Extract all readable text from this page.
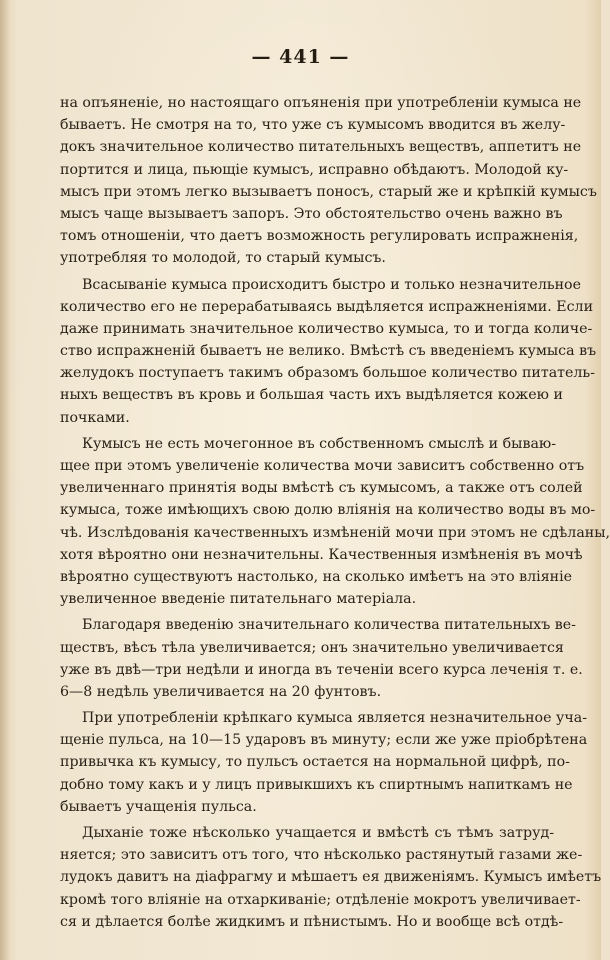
— 441 —
на опъяненіе, но настоящаго опъяненія при употребленіи кумыса не
бываетъ. Не смотря на то, что уже съ кумысомъ вводится въ желу-
докъ значительное количество питательныхъ веществъ, аппетитъ не
портится и лица, пьющіе кумысъ, исправно обѣдаютъ. Молодой ку-
мысъ при этомъ легко вызываетъ поносъ, старый же и крѣпкій кумысъ
мысъ чаще вызываетъ запоръ. Это обстоятельство очень важно въ
томъ отношеніи, что даетъ возможность регулировать испражненія,
употребляя то молодой, то старый кумысъ.
Всасываніе кумыса происходитъ быстро и только незначительное
количество его не перерабатываясь выдѣляется испражненіями. Если
даже принимать значительное количество кумыса, то и тогда количе-
ство испражненій бываетъ не велико. Вмѣстѣ съ введеніемъ кумыса въ
желудокъ поступаетъ такимъ образомъ большое количество питатель-
ныхъ веществъ въ кровь и большая часть ихъ выдѣляется кожею и
почками.
Кумысъ не есть мочегонное въ собственномъ смыслѣ и бываю-
щее при этомъ увеличеніе количества мочи зависитъ собственно отъ
увеличеннаго принятія воды вмѣстѣ съ кумысомъ, а также отъ солей
кумыса, тоже имѣющихъ свою долю вліянія на количество воды въ мо-
чѣ. Изслѣдованія качественныхъ измѣненій мочи при этомъ не сдѣланы,
хотя вѣроятно они незначительны. Качественныя измѣненія въ мочѣ
вѣроятно существуютъ настолько, на сколько имѣетъ на это вліяніе
увеличенное введеніе питательнаго матеріала.
Благодаря введенію значительнаго количества питательныхъ ве-
ществъ, вѣсъ тѣла увеличивается; онъ значительно увеличивается
уже въ двѣ—три недѣли и иногда въ теченіи всего курса леченія т. е.
6—8 недѣль увеличивается на 20 фунтовъ.
При употребленіи крѣпкаго кумыса является незначительное уча-
щеніе пульса, на 10—15 ударовъ въ минуту; если же уже пріобрѣтена
привычка къ кумысу, то пульсъ остается на нормальной цифрѣ, по-
добно тому какъ и у лицъ привыкшихъ къ спиртнымъ напиткамъ не
бываетъ учащенія пульса.
Дыханіе тоже нѣсколько учащается и вмѣстѣ съ тѣмъ затруд-
няется; это зависитъ отъ того, что нѣсколько растянутый газами же-
лудокъ давитъ на діафрагму и мѣшаетъ ея движеніямъ. Кумысъ имѣетъ
кромѣ того вліяніе на отхаркиваніе; отдѣленіе мокротъ увеличивает-
ся и дѣлается болѣе жидкимъ и пѣнистымъ. Но и вообще всѣ отдѣ-
